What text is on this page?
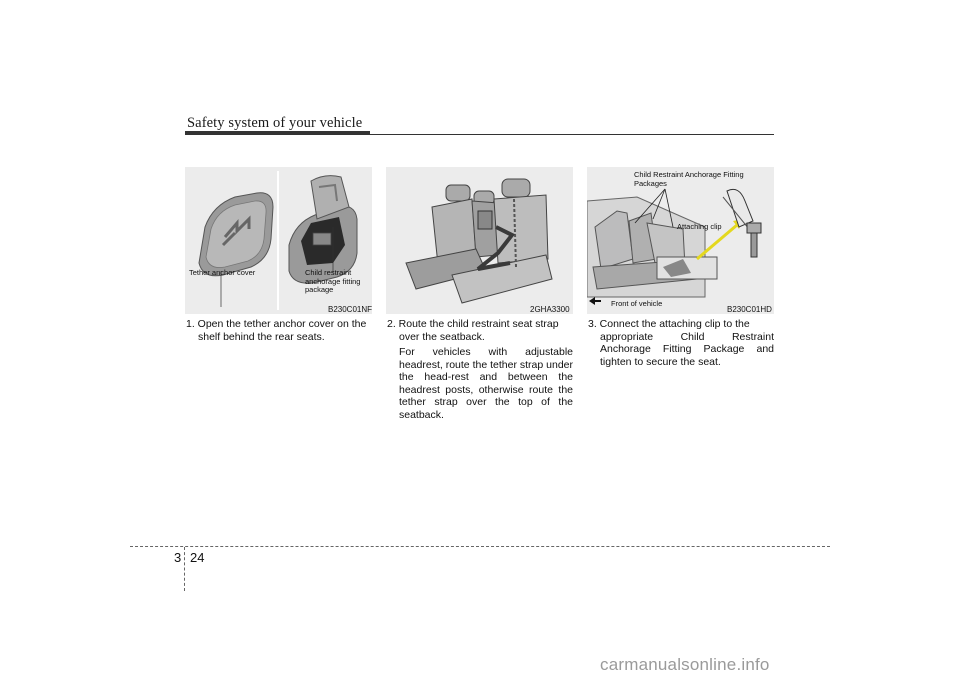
Safety system of your vehicle
Tether anchor cover	Child restraint anchorage fitting package
B230C01NF	2GHA3300
Child Restraint Anchorage Fitting Packages
Attaching clip
Front of vehicle
B230C01HD
1. Open the tether anchor cover on the
shelf behind the rear seats.
2. Route the child restraint seat strap
over the seatback.
For vehicles with adjustable headrest, route the tether strap under the head-rest and between the headrest posts, otherwise route the tether strap over the top of the seatback.
3. Connect the attaching clip to the
appropriate Child Restraint Anchorage Fitting Package and tighten to secure the seat.
3 24
carmanualsonline.info
